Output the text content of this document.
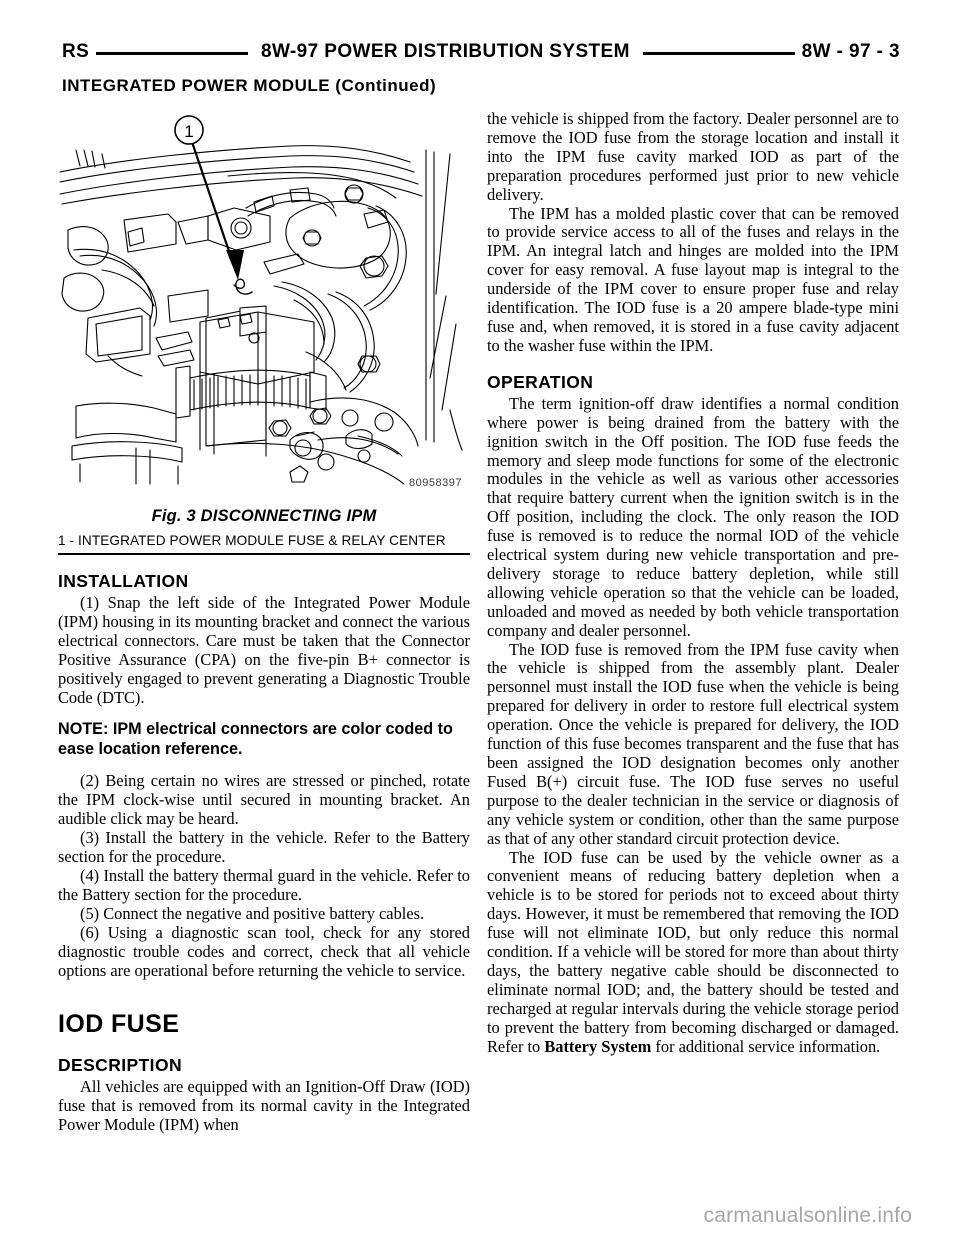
RS	8W-97 POWER DISTRIBUTION SYSTEM	8W - 97 - 3
INTEGRATED POWER MODULE (Continued)
1
80958397
Fig. 3 DISCONNECTING IPM
1 - INTEGRATED POWER MODULE FUSE & RELAY CENTER
INSTALLATION

(1) Snap the left side of the Integrated Power Module (IPM) housing in its mounting bracket and connect the various electrical connectors. Care must be taken that the Connector Positive Assurance (CPA) on the five-pin B+ connector is positively engaged to prevent generating a Diagnostic Trouble Code (DTC).

NOTE: IPM electrical connectors are color coded to ease location reference.

(2) Being certain no wires are stressed or pinched, rotate the IPM clock-wise until secured in mounting bracket. An audible click may be heard.

(3) Install the battery in the vehicle. Refer to the Battery section for the procedure.

(4) Install the battery thermal guard in the vehicle. Refer to the Battery section for the procedure.

(5) Connect the negative and positive battery cables.

(6) Using a diagnostic scan tool, check for any stored diagnostic trouble codes and correct, check that all vehicle options are operational before returning the vehicle to service.

IOD FUSE
DESCRIPTION

All vehicles are equipped with an Ignition-Off Draw (IOD) fuse that is removed from its normal cavity in the Integrated Power Module (IPM) when

the vehicle is shipped from the factory. Dealer personnel are to remove the IOD fuse from the storage location and install it into the IPM fuse cavity marked IOD as part of the preparation procedures performed just prior to new vehicle delivery.

The IPM has a molded plastic cover that can be removed to provide service access to all of the fuses and relays in the IPM. An integral latch and hinges are molded into the IPM cover for easy removal. A fuse layout map is integral to the underside of the IPM cover to ensure proper fuse and relay identification. The IOD fuse is a 20 ampere blade-type mini fuse and, when removed, it is stored in a fuse cavity adjacent to the washer fuse within the IPM.

OPERATION

The term ignition-off draw identifies a normal condition where power is being drained from the battery with the ignition switch in the Off position. The IOD fuse feeds the memory and sleep mode functions for some of the electronic modules in the vehicle as well as various other accessories that require battery current when the ignition switch is in the Off position, including the clock. The only reason the IOD fuse is removed is to reduce the normal IOD of the vehicle electrical system during new vehicle transportation and pre-delivery storage to reduce battery depletion, while still allowing vehicle operation so that the vehicle can be loaded, unloaded and moved as needed by both vehicle transportation company and dealer personnel.

The IOD fuse is removed from the IPM fuse cavity when the vehicle is shipped from the assembly plant. Dealer personnel must install the IOD fuse when the vehicle is being prepared for delivery in order to restore full electrical system operation. Once the vehicle is prepared for delivery, the IOD function of this fuse becomes transparent and the fuse that has been assigned the IOD designation becomes only another Fused B(+) circuit fuse. The IOD fuse serves no useful purpose to the dealer technician in the service or diagnosis of any vehicle system or condition, other than the same purpose as that of any other standard circuit protection device.

The IOD fuse can be used by the vehicle owner as a convenient means of reducing battery depletion when a vehicle is to be stored for periods not to exceed about thirty days. However, it must be remembered that removing the IOD fuse will not eliminate IOD, but only reduce this normal condition. If a vehicle will be stored for more than about thirty days, the battery negative cable should be disconnected to eliminate normal IOD; and, the battery should be tested and recharged at regular intervals during the vehicle storage period to prevent the battery from becoming discharged or damaged. Refer to Battery System for additional service information.

carmanualsonline.info
